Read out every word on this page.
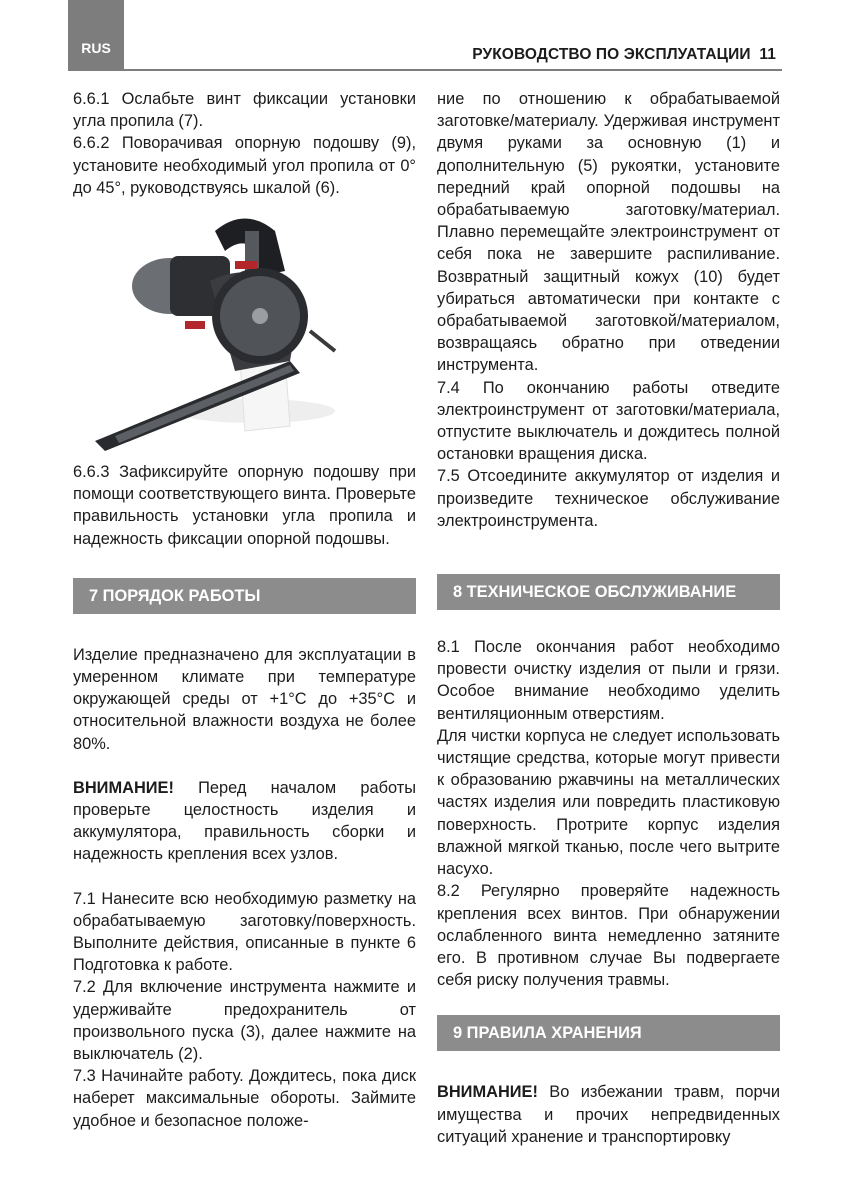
RUS	РУКОВОДСТВО ПО ЭКСПЛУАТАЦИИ 11

6.6.1 Ослабьте винт фиксации установки угла пропила (7).

6.6.2 Поворачивая опорную подошву (9), установите необходимый угол пропила от 0° до 45°, руководствуясь шкалой (6).

6.6.3 Зафиксируйте опорную подошву при помощи соответствующего винта. Проверьте правильность установки угла пропила и надежность фиксации опорной подошвы.

7 ПОРЯДОК РАБОТЫ

Изделие предназначено для эксплуатации в умеренном климате при температуре окружающей среды от +1°С до +35°С и относительной влажности воздуха не более 80%.

ВНИМАНИЕ! Перед началом работы проверьте целостность изделия и аккумулятора, правильность сборки и надежность крепления всех узлов.

7.1 Нанесите всю необходимую разметку на обрабатываемую заготовку/поверхность. Выполните действия, описанные в пункте 6 Подготовка к работе.

7.2 Для включение инструмента нажмите и удерживайте предохранитель от произвольного пуска (3), далее нажмите на выключатель (2).

7.3 Начинайте работу. Дождитесь, пока диск наберет максимальные обороты. Займите удобное и безопасное положе-

ние по отношению к обрабатываемой заготовке/материалу. Удерживая инструмент двумя руками за основную (1) и дополнительную (5) рукоятки, установите передний край опорной подошвы на обрабатываемую заготовку/материал. Плавно перемещайте электроинструмент от себя пока не завершите распиливание. Возвратный защитный кожух (10) будет убираться автоматически при контакте с обрабатываемой заготовкой/материалом, возвращаясь обратно при отведении инструмента.

7.4 По окончанию работы отведите электроинструмент от заготовки/материала, отпустите выключатель и дождитесь полной остановки вращения диска.

7.5 Отсоедините аккумулятор от изделия и произведите техническое обслуживание электроинструмента.

8 ТЕХНИЧЕСКОЕ ОБСЛУЖИВАНИЕ

8.1 После окончания работ необходимо провести очистку изделия от пыли и грязи. Особое внимание необходимо уделить вентиляционным отверстиям.

Для чистки корпуса не следует использовать чистящие средства, которые могут привести к образованию ржавчины на металлических частях изделия или повредить пластиковую поверхность. Протрите корпус изделия влажной мягкой тканью, после чего вытрите насухо.

8.2 Регулярно проверяйте надежность крепления всех винтов. При обнаружении ослабленного винта немедленно затяните его. В противном случае Вы подвергаете себя риску получения травмы.

9 ПРАВИЛА ХРАНЕНИЯ

ВНИМАНИЕ! Во избежании травм, порчи имущества и прочих непредвиденных ситуаций хранение и транспортировку
